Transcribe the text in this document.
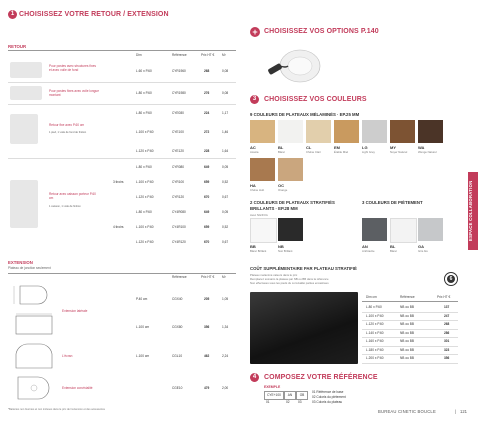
1 CHOISISSEZ VOTRE RETOUR / EXTENSION
RETOUR
Dim	Référence	Prix HT € M³
Pour postes avec structures fixes et avec voile de fond	L.60 x P.60	CYR1960	268	0,08
Pour postes fixes avec voile longue montant	L.80 x P.60	CYR1980	276	0,08
Retour fixe avec P.60 cm
1 pied, 1 voile de fond de finition
L.80 x P.60	CYE080	224	1,17
L.100 x P.60	CYE100	272	1,46
L.120 x P.60	CYE120	228	1,64
Retour avec caisson porteur P.60 cm
1 caisson, 1 voile de finition
3 tiroirs
4 tiroirs
L.80 x P.60	CYR080	649	0,05
L.100 x P.60	CYR100	659	0,52
L.120 x P.60	CYR120	670	0,67
L.80 x P.60	CY4R080	649	0,05
L.100 x P.60	CY4R100	659	0,52
L.120 x P.60	CY4R120	670	0,67
EXTENSION
Plateau de jonction seulement
Référence	Prix HT € M³
P.40 cm	CGX40	205	1,05
Extension latérale
L.100 cm	CGX80	356	1,34
L'écran	L.100 cm	CGL10	462	2,24
Extension convivialité	CGE10	479	2,00
*Batteries non fournies et non incluses dans le prix de l'extension et des accessoires
+ CHOISISSEZ VOS OPTIONS P.140
3	CHOISISSEZ VOS COULEURS
9 COULEURS DE PLATEAUX MÉLAMINÉS · EP.25 MM
AC	BL	CL	EM	LG	MY	WA
Acacia	Blanc	Chêne Clair	Érable Miel	Light Grey	Noyer Naturel	Wenge Naturel
HA	OC
Chêne Hub	Orange
2 COULEURS DE PLATEAUX STRATIFIÉS BRILLANTS · EP.28 MM
Avec NG/FCG
BB	NB
Blanc Brillant	Noir Brillant
3 COULEURS DE PIÈTEMENT
AN	BL	GA
Anthracite	Blanc	Gris Alu
ESPACE COLLABORATION
COÛT SUPPLÉMENTAIRE PAR PLATEAU STRATIFIÉ
Plateau melaminé valeurs dans le prix
Remplacez scénario la plateau par NB ou BB dans la référence
Non effectuées sous les pieds du convivalité parties encastrées
6
Dim cm	Référence	Prix HT €
L.80 x P.60	NB ou BB	137
L.100 x P.60	NB ou BB	247
L.120 x P.60	NB ou BB	268
L.140 x P.60	NB ou BB	286
L.160 x P.60	NB ou BB	301
L.180 x P.60	NB ou BB	323
L.200 x P.60	NB ou BB	356
4	COMPOSEZ VOTRE RÉFÉRENCE
EXEMPLE
CYE+100	AN	OB
01	02	03
01 Référence de base
02 Coloris du piètement
03 Coloris du plateau
BUREAU CINETIC BOUCLE	| 121
